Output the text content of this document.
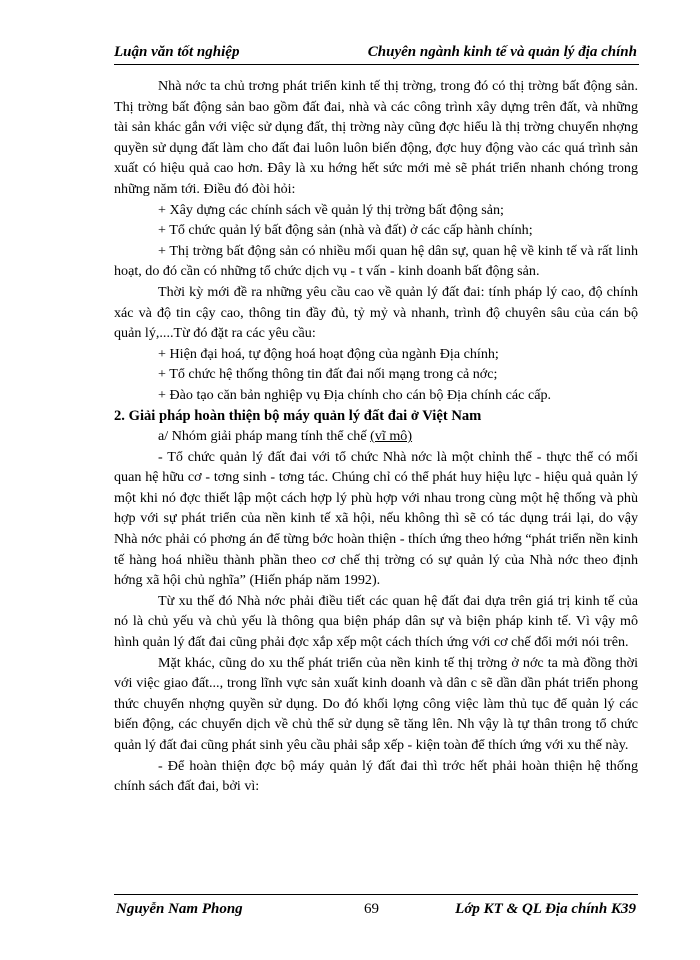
Luận văn tốt nghiệp	Chuyên ngành kinh tế và quản lý địa chính

Nhà nớc ta chủ trơng phát triển kinh tế thị trờng, trong đó có thị trờng bất động sản. Thị trờng bất động sản bao gồm đất đai, nhà và các công trình xây dựng trên đất, và những tài sản khác gắn với việc sử dụng đất, thị trờng này cũng đợc hiểu là thị trờng chuyển nhợng quyền sử dụng đất làm cho đất đai luôn luôn biến động, đợc huy động vào các quá trình sản xuất có hiệu quả cao hơn. Đây là xu hớng hết sức mới mẻ sẽ phát triển nhanh chóng trong những năm tới. Điều đó đòi hỏi:

+ Xây dựng các chính sách về quản lý thị trờng bất động sản;

+ Tổ chức quản lý bất động sản (nhà và đất) ở các cấp hành chính;

+ Thị trờng bất động sản có nhiều mối quan hệ dân sự, quan hệ về kinh tế và rất linh hoạt, do đó cần có những tổ chức dịch vụ - t vấn - kinh doanh bất động sản.

Thời kỳ mới đề ra những yêu cầu cao về quản lý đất đai: tính pháp lý cao, độ chính xác và độ tin cậy cao, thông tin đầy đủ, tỷ mỷ và nhanh, trình độ chuyên sâu của cán bộ quản lý,....Từ đó đặt ra các yêu cầu:

+ Hiện đại hoá, tự động hoá hoạt động của ngành Địa chính;

+ Tổ chức hệ thống thông tin đất đai nối mạng trong cả nớc;

+ Đào tạo căn bản nghiệp vụ Địa chính cho cán bộ Địa chính các cấp.

2. Giải pháp hoàn thiện bộ máy quản lý đất đai ở Việt Nam

a/ Nhóm giải pháp mang tính thể chế (vĩ mô)

- Tổ chức quản lý đất đai với tổ chức Nhà nớc là một chỉnh thể - thực thể có mối quan hệ hữu cơ - tơng sinh - tơng tác. Chúng chỉ có thể phát huy hiệu lực - hiệu quả quản lý một khi nó đợc thiết lập một cách hợp lý phù hợp với nhau trong cùng một hệ thống và phù hợp với sự phát triển của nền kinh tế xã hội, nếu không thì sẽ có tác dụng trái lại, do vậy Nhà nớc phải có phơng án để từng bớc hoàn thiện - thích ứng theo hớng “phát triển nền kinh tế hàng hoá nhiều thành phần theo cơ chế thị trờng có sự quản lý của Nhà nớc theo định hớng xã hội chủ nghĩa” (Hiến pháp năm 1992).

Từ xu thế đó Nhà nớc phải điều tiết các quan hệ đất đai dựa trên giá trị kinh tế của nó là chủ yếu và chủ yếu là thông qua biện pháp dân sự và biện pháp kinh tế. Vì vậy mô hình quản lý đất đai cũng phải đợc xắp xếp một cách thích ứng với cơ chế đổi mới nói trên.

Mặt khác, cũng do xu thế phát triển của nền kinh tế thị trờng ở nớc ta mà đồng thời với việc giao đất..., trong lĩnh vực sản xuất kinh doanh và dân c sẽ dần dần phát triển phong thức chuyển nhợng quyền sử dụng. Do đó khối lợng công việc làm thủ tục để quản lý các biến động, các chuyển dịch về chủ thể sử dụng sẽ tăng lên. Nh vậy là tự thân trong tổ chức quản lý đất đai cũng phát sinh yêu cầu phải sắp xếp - kiện toàn để thích ứng với xu thế này.

- Để hoàn thiện đợc bộ máy quản lý đất đai thì trớc hết phải hoàn thiện hệ thống chính sách đất đai, bởi vì:

Nguyễn Nam Phong	69	Lớp KT & QL Địa chính K39
